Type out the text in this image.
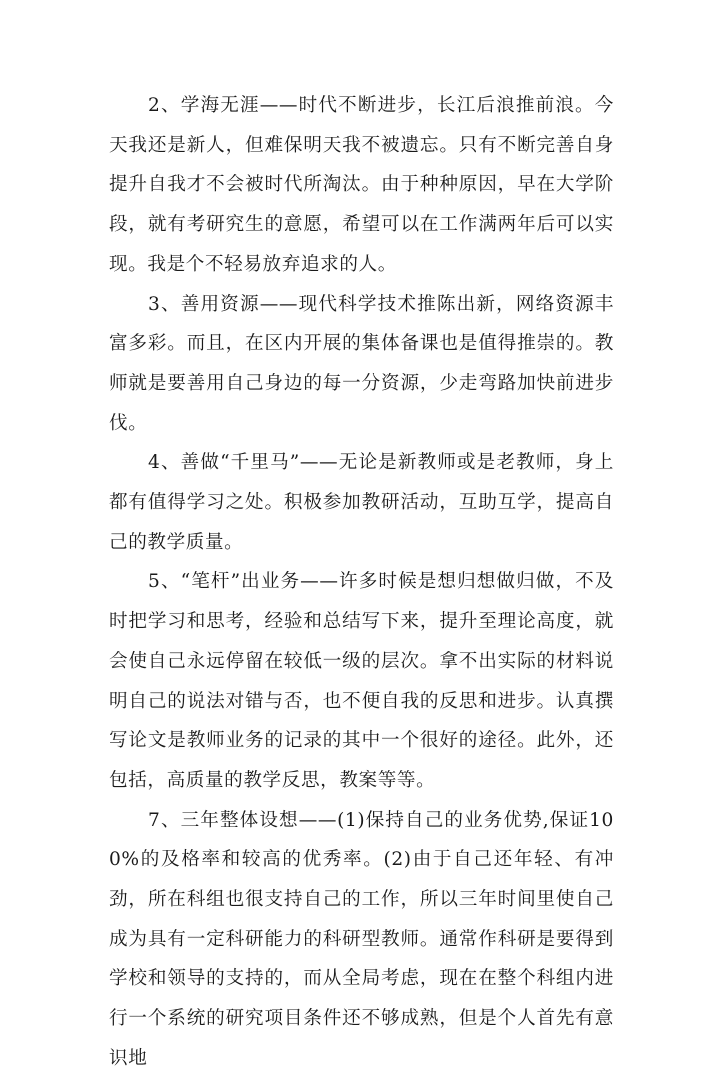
2、学海无涯——时代不断进步，长江后浪推前浪。今天我还是新人，但难保明天我不被遗忘。只有不断完善自身提升自我才不会被时代所淘汰。由于种种原因，早在大学阶段，就有考研究生的意愿，希望可以在工作满两年后可以实现。我是个不轻易放弃追求的人。

3、善用资源——现代科学技术推陈出新，网络资源丰富多彩。而且，在区内开展的集体备课也是值得推崇的。教师就是要善用自己身边的每一分资源，少走弯路加快前进步伐。

4、善做“千里马”——无论是新教师或是老教师，身上都有值得学习之处。积极参加教研活动，互助互学，提高自己的教学质量。

5、“笔杆”出业务——许多时候是想归想做归做，不及时把学习和思考，经验和总结写下来，提升至理论高度，就会使自己永远停留在较低一级的层次。拿不出实际的材料说明自己的说法对错与否，也不便自我的反思和进步。认真撰写论文是教师业务的记录的其中一个很好的途径。此外，还包括，高质量的教学反思，教案等等。

7、三年整体设想——(1)保持自己的业务优势,保证100%的及格率和较高的优秀率。(2)由于自己还年轻、有冲劲，所在科组也很支持自己的工作，所以三年时间里使自己成为具有一定科研能力的科研型教师。通常作科研是要得到学校和领导的支持的，而从全局考虑，现在在整个科组内进行一个系统的研究项目条件还不够成熟，但是个人首先有意识地
